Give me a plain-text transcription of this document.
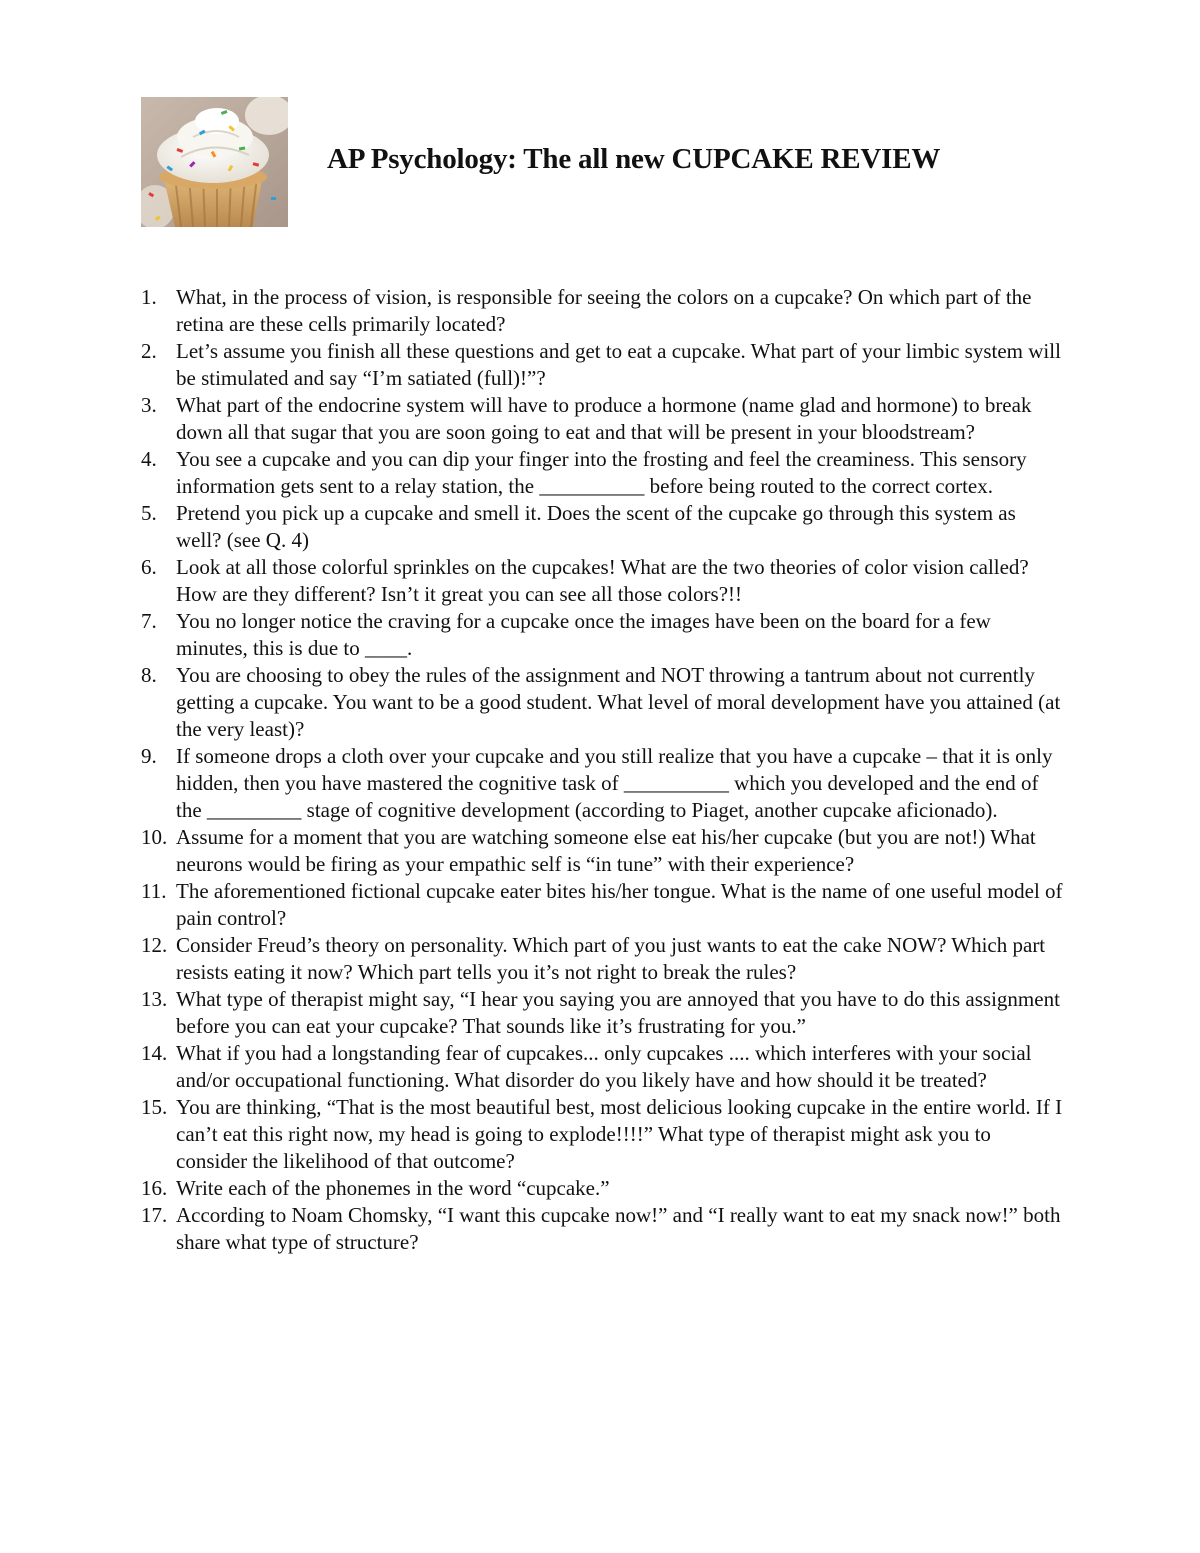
AP Psychology: The all new CUPCAKE REVIEW
1. What, in the process of vision, is responsible for seeing the colors on a cupcake? On which part of the retina are these cells primarily located?
2. Let’s assume you finish all these questions and get to eat a cupcake. What part of your limbic system will be stimulated and say “I’m satiated (full)!”?
3. What part of the endocrine system will have to produce a hormone (name glad and hormone) to break down all that sugar that you are soon going to eat and that will be present in your bloodstream?
4. You see a cupcake and you can dip your finger into the frosting and feel the creaminess. This sensory information gets sent to a relay station, the __________ before being routed to the correct cortex.
5. Pretend you pick up a cupcake and smell it. Does the scent of the cupcake go through this system as well? (see Q. 4)
6. Look at all those colorful sprinkles on the cupcakes! What are the two theories of color vision called? How are they different? Isn’t it great you can see all those colors?!!
7. You no longer notice the craving for a cupcake once the images have been on the board for a few minutes, this is due to ____.
8. You are choosing to obey the rules of the assignment and NOT throwing a tantrum about not currently getting a cupcake. You want to be a good student. What level of moral development have you attained (at the very least)?
9. If someone drops a cloth over your cupcake and you still realize that you have a cupcake – that it is only hidden, then you have mastered the cognitive task of __________ which you developed and the end of the _________ stage of cognitive development (according to Piaget, another cupcake aficionado).
10. Assume for a moment that you are watching someone else eat his/her cupcake (but you are not!) What neurons would be firing as your empathic self is “in tune” with their experience?
11. The aforementioned fictional cupcake eater bites his/her tongue. What is the name of one useful model of pain control?
12. Consider Freud’s theory on personality. Which part of you just wants to eat the cake NOW? Which part resists eating it now? Which part tells you it’s not right to break the rules?
13. What type of therapist might say, “I hear you saying you are annoyed that you have to do this assignment before you can eat your cupcake? That sounds like it’s frustrating for you.”
14. What if you had a longstanding fear of cupcakes... only cupcakes .... which interferes with your social and/or occupational functioning. What disorder do you likely have and how should it be treated?
15. You are thinking, “That is the most beautiful best, most delicious looking cupcake in the entire world. If I can’t eat this right now, my head is going to explode!!!!” What type of therapist might ask you to consider the likelihood of that outcome?
16. Write each of the phonemes in the word “cupcake.”
17. According to Noam Chomsky, “I want this cupcake now!” and “I really want to eat my snack now!” both share what type of structure?
